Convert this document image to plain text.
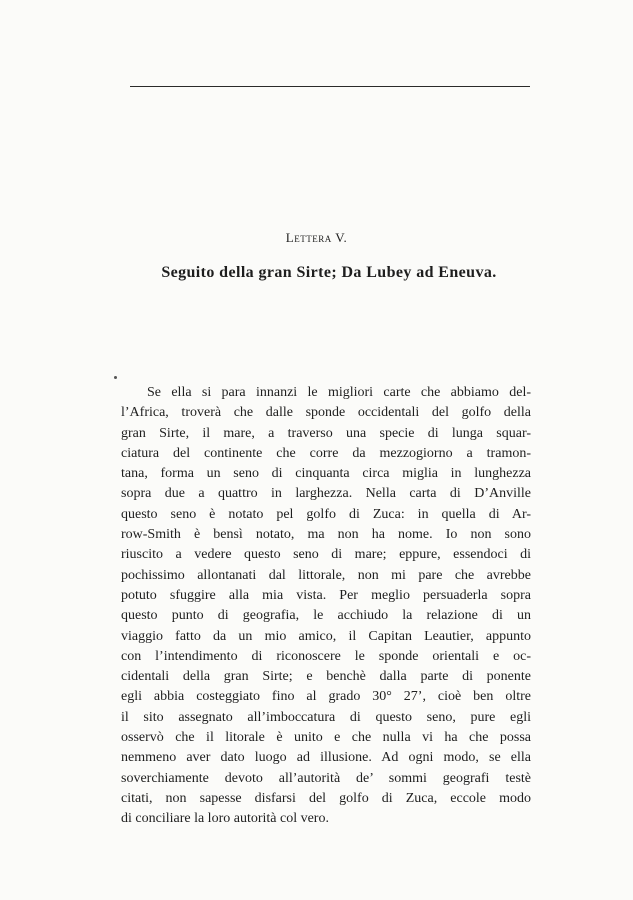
Lettera V.
Seguito della gran Sirte; Da Lubey ad Eneuva.
Se ella si para innanzi le migliori carte che abbiamo del-
l’Africa, troverà che dalle sponde occidentali del golfo della
gran Sirte, il mare, a traverso una specie di lunga squar-
ciatura del continente che corre da mezzogiorno a tramon-
tana, forma un seno di cinquanta circa miglia in lunghezza
sopra due a quattro in larghezza. Nella carta di D’Anville
questo seno è notato pel golfo di Zuca: in quella di Ar-
row-Smith è bensì notato, ma non ha nome. Io non sono
riuscito a vedere questo seno di mare; eppure, essendoci di
pochissimo allontanati dal littorale, non mi pare che avrebbe
potuto sfuggire alla mia vista. Per meglio persuaderla sopra
questo punto di geografia, le acchiudo la relazione di un
viaggio fatto da un mio amico, il Capitan Leautier, appunto
con l’intendimento di riconoscere le sponde orientali e oc-
cidentali della gran Sirte; e benchè dalla parte di ponente
egli abbia costeggiato fino al grado 30° 27’, cioè ben oltre
il sito assegnato all’imboccatura di questo seno, pure egli
osservò che il litorale è unito e che nulla vi ha che possa
nemmeno aver dato luogo ad illusione. Ad ogni modo, se ella
soverchiamente devoto all’autorità de’ sommi geografi testè
citati, non sapesse disfarsi del golfo di Zuca, eccole modo
di conciliare la loro autorità col vero.
